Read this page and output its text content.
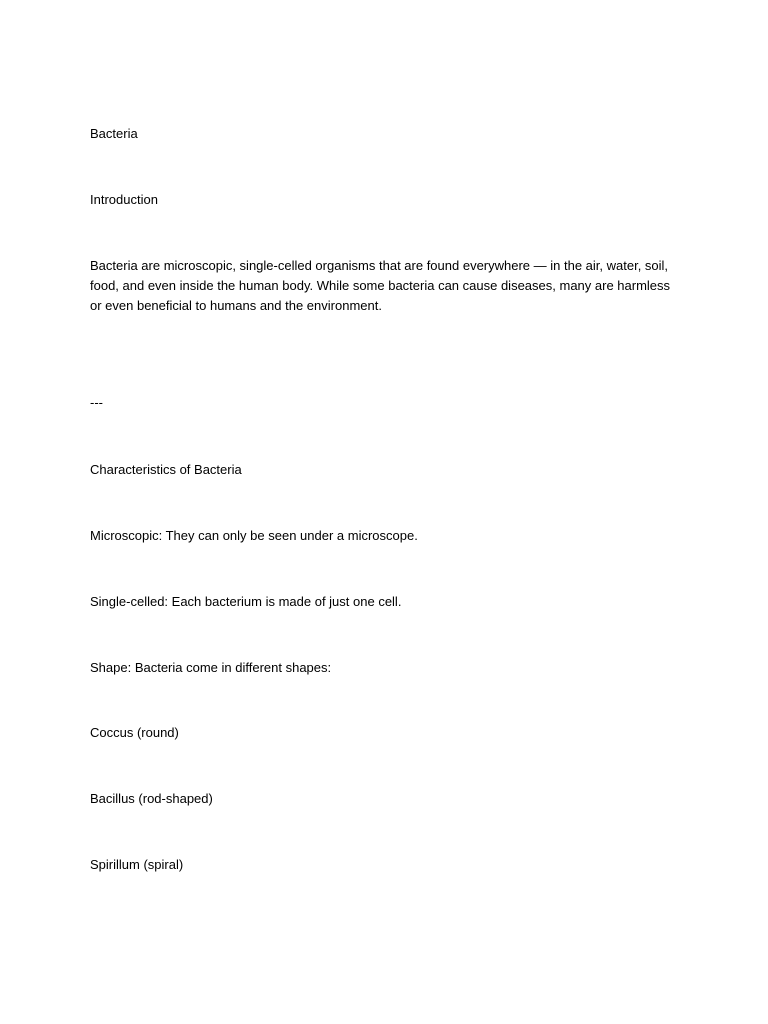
Bacteria
Introduction
Bacteria are microscopic, single-celled organisms that are found everywhere — in the air, water, soil, food, and even inside the human body. While some bacteria can cause diseases, many are harmless or even beneficial to humans and the environment.
---
Characteristics of Bacteria
Microscopic: They can only be seen under a microscope.
Single-celled: Each bacterium is made of just one cell.
Shape: Bacteria come in different shapes:
Coccus (round)
Bacillus (rod-shaped)
Spirillum (spiral)
